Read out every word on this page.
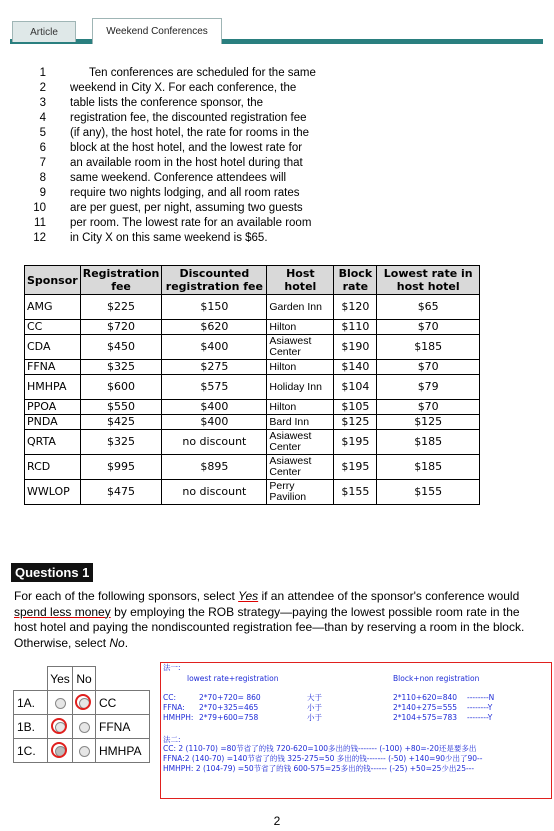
Article	Weekend Conferences
1 Ten conferences are scheduled for the same
2 weekend in City X. For each conference, the
3 table lists the conference sponsor, the
4 registration fee, the discounted registration fee
5 (if any), the host hotel, the rate for rooms in the
6 block at the host hotel, and the lowest rate for
7 an available room in the host hotel during that
8 same weekend. Conference attendees will
9 require two nights lodging, and all room rates
10 are per guest, per night, assuming two guests
11 per room. The lowest rate for an available room
12 in City X on this same weekend is $65.
Sponsor	Registration fee	Discounted registration fee	Host hotel	Block rate	Lowest rate in host hotel
AMG	$225	$150	Garden Inn	$120	$65
CC	$720	$620	Hilton	$110	$70
CDA	$450	$400	Asiawest Center	$190	$185
FFNA	$325	$275	Hilton	$140	$70
HMHPA	$600	$575	Holiday Inn	$104	$79
PPOA	$550	$400	Hilton	$105	$70
PNDA	$425	$400	Bard Inn	$125	$125
QRTA	$325	no discount	Asiawest Center	$195	$185
RCD	$995	$895	Asiawest Center	$195	$185
WWLOP	$475	no discount	Perry Pavilion	$155	$155
Questions 1
For each of the following sponsors, select Yes if an attendee of the sponsor's conference would spend less money by employing the ROB strategy—paying the lowest possible room rate in the host hotel and paying the nondiscounted registration fee—than by reserving a room in the block. Otherwise, select No.
	Yes	No	
1A.			CC
1B.			FFNA
1C.			HMHPA
法一:
lowest rate+registration	Block+non registration
CC:	2*70+720= 860	大于	2*110+620=840 --------N
FFNA: 2*70+325=465	小于	2*140+275=555 --------Y
HMHPH: 2*79+600=758	小于	2*104+575=783 --------Y
法二:
CC: 2 (110-70) =80节省了的钱 720-620=100多出的钱------- (-100) +80=-20还是要多出
FFNA:2 (140-70) =140节省了的钱 325-275=50 多出的钱------- (-50) +140=90少出了90--
HMHPH: 2 (104-79) =50节省了的钱 600-575=25多出的钱------ (-25) +50=25少出25---
2
